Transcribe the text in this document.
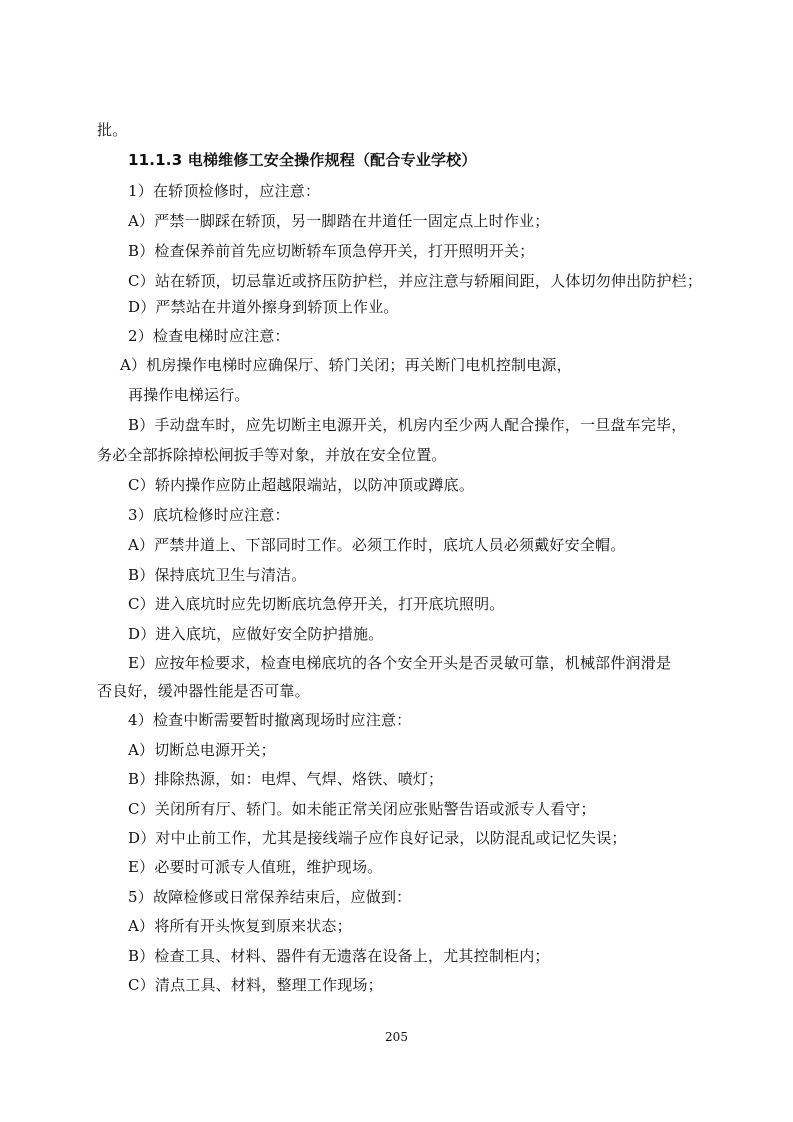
批。
11.1.3 电梯维修工安全操作规程（配合专业学校）
1）在轿顶检修时，应注意：
A）严禁一脚踩在轿顶，另一脚踏在井道任一固定点上时作业；
B）检查保养前首先应切断轿车顶急停开关，打开照明开关；
C）站在轿顶，切忌靠近或挤压防护栏，并应注意与轿厢间距，人体切勿伸出防护栏；
D）严禁站在井道外擦身到轿顶上作业。
2）检查电梯时应注意：
A）机房操作电梯时应确保厅、轿门关闭；再关断门电机控制电源，
再操作电梯运行。
B）手动盘车时，应先切断主电源开关，机房内至少两人配合操作，一旦盘车完毕，
务必全部拆除掉松闸扳手等对象，并放在安全位置。
C）轿内操作应防止超越限端站，以防冲顶或蹲底。
3）底坑检修时应注意：
A）严禁井道上、下部同时工作。必须工作时，底坑人员必须戴好安全帽。
B）保持底坑卫生与清洁。
C）进入底坑时应先切断底坑急停开关，打开底坑照明。
D）进入底坑，应做好安全防护措施。
E）应按年检要求，检查电梯底坑的各个安全开头是否灵敏可靠，机械部件润滑是
否良好，缓冲器性能是否可靠。
4）检查中断需要暂时撤离现场时应注意：
A）切断总电源开关；
B）排除热源，如：电焊、气焊、烙铁、喷灯；
C）关闭所有厅、轿门。如未能正常关闭应张贴警告语或派专人看守；
D）对中止前工作，尤其是接线端子应作良好记录，以防混乱或记忆失误；
E）必要时可派专人值班，维护现场。
5）故障检修或日常保养结束后，应做到：
A）将所有开头恢复到原来状态；
B）检查工具、材料、器件有无遗落在设备上，尤其控制柜内；
C）清点工具、材料，整理工作现场；
205
